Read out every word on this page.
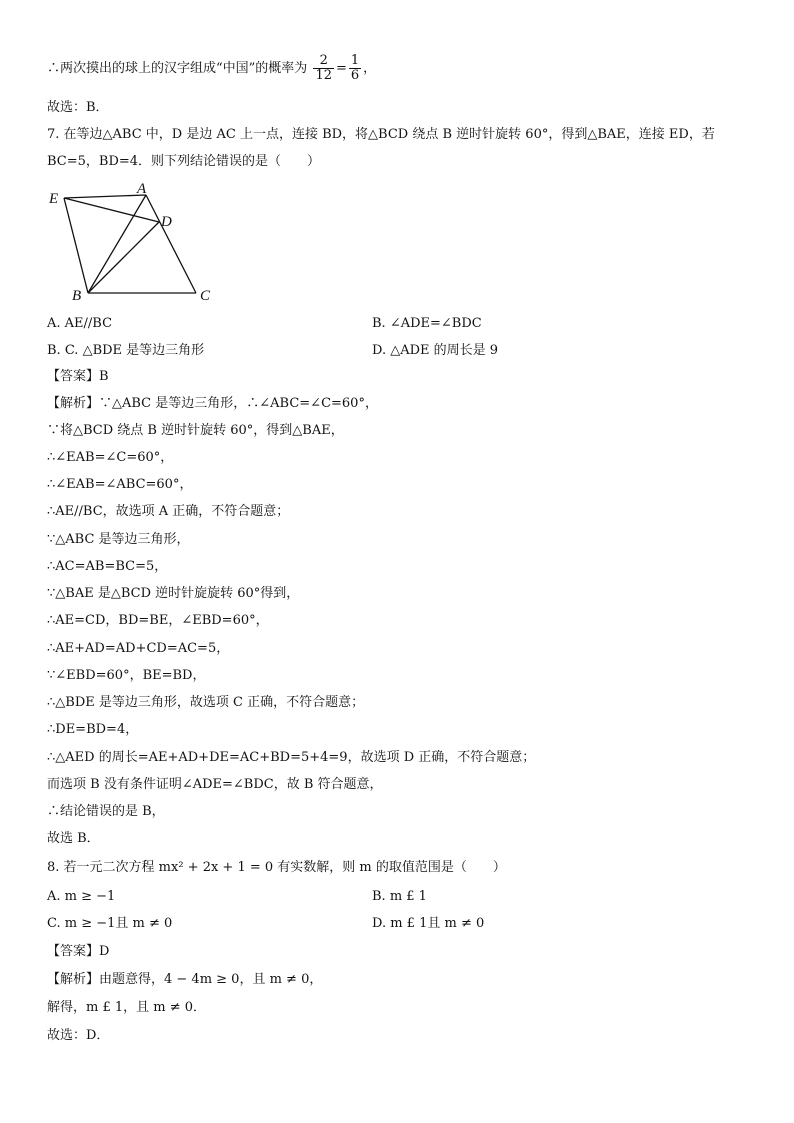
∴两次摸出的球上的汉字组成“中国”的概率为 $\frac{2}{12} = \frac{1}{6}$ ，
故选：B．
7. 在等边△ABC 中，D 是边 AC 上一点，连接 BD，将△BCD 绕点 B 逆时针旋转 60°，得到△BAE，连接 ED，若
BC=5，BD=4．则下列结论错误的是（　　）
E
A
D
B	C
A. AE//BC	B. ∠ADE=∠BDC
B. C. △BDE 是等边三角形	D. △ADE 的周长是 9
【答案】B
【解析】∵△ABC 是等边三角形，∴∠ABC=∠C=60°，
∵将△BCD 绕点 B 逆时针旋转 60°，得到△BAE，
∴∠EAB=∠C=60°，
∴∠EAB=∠ABC=60°，
∴AE//BC，故选项 A 正确，不符合题意；
∵△ABC 是等边三角形，
∴AC=AB=BC=5，
∵△BAE 是△BCD 逆时针旋旋转 60°得到，
∴AE=CD，BD=BE，∠EBD=60°，
∴AE+AD=AD+CD=AC=5，
∵∠EBD=60°，BE=BD，
∴△BDE 是等边三角形，故选项 C 正确，不符合题意；
∴DE=BD=4，
∴△AED 的周长=AE+AD+DE=AC+BD=5+4=9，故选项 D 正确，不符合题意；
而选项 B 没有条件证明∠ADE=∠BDC，故 B 符合题意，
∴结论错误的是 B，
故选 B．
8. 若一元二次方程 mx² + 2x + 1 = 0 有实数解，则 m 的取值范围是（　　）
A. m ≥ −1	B. m £ 1
C. m ≥ −1且 m ≠ 0	D. m £ 1且 m ≠ 0
【答案】D
【解析】由题意得，4 − 4m ≥ 0，且 m ≠ 0，
解得，m £ 1，且 m ≠ 0．
故选：D．
